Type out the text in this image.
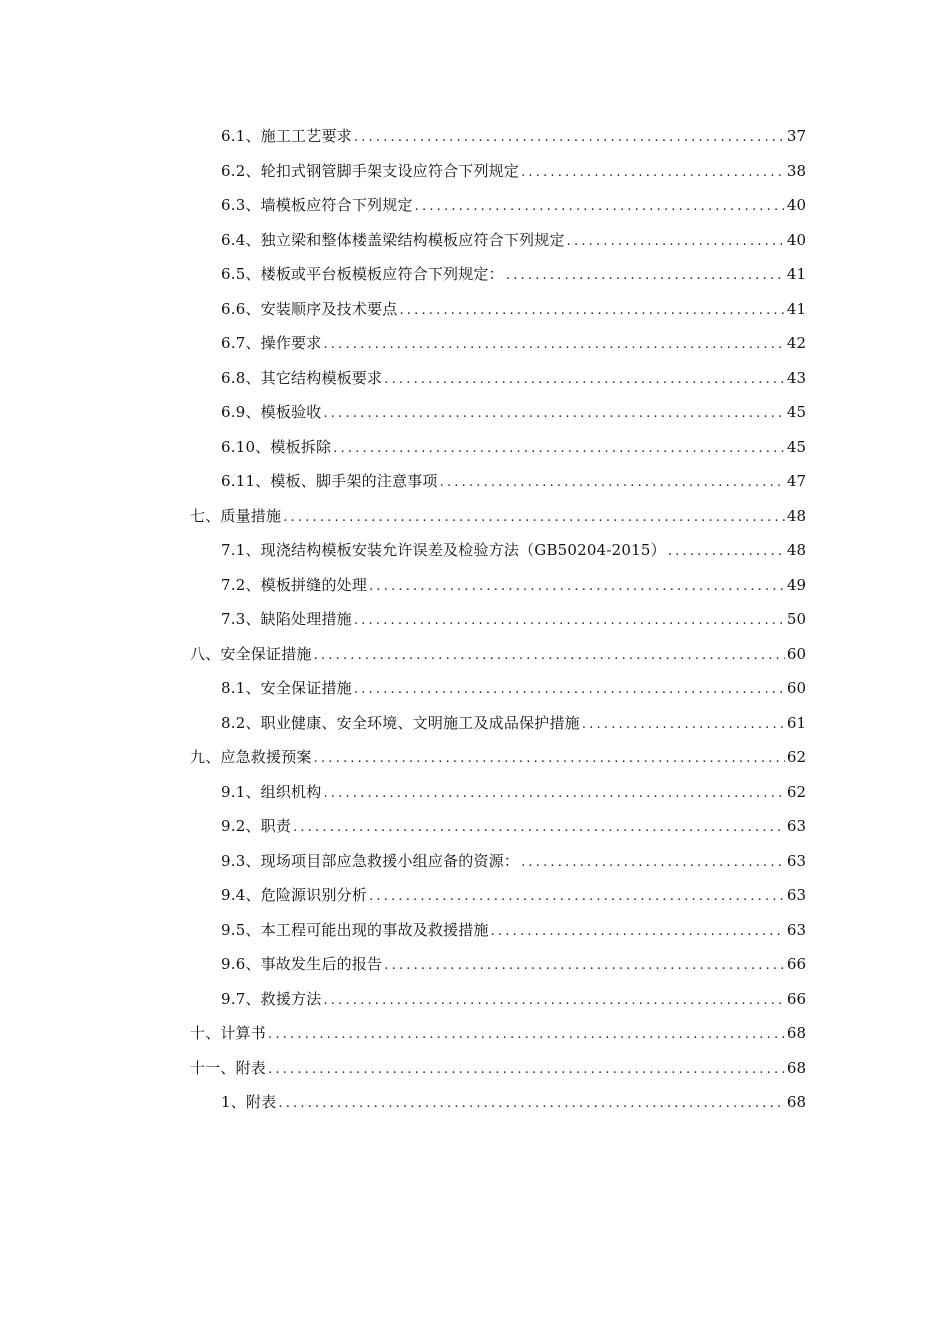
6.1、施工工艺要求 .....	37
6.2、轮扣式钢管脚手架支设应符合下列规定 .....	38
6.3、墙模板应符合下列规定 .....	40
6.4、独立梁和整体楼盖梁结构模板应符合下列规定 .....	40
6.5、楼板或平台板模板应符合下列规定： .....	41
6.6、安装顺序及技术要点 .....	41
6.7、操作要求 .....	42
6.8、其它结构模板要求 .....	43
6.9、模板验收 .....	45
6.10、模板拆除 .....	45
6.11、模板、脚手架的注意事项 .....	47
七、质量措施 .....	48
7.1、现浇结构模板安装允许误差及检验方法（GB50204-2015） .....	48
7.2、模板拼缝的处理 .....	49
7.3、缺陷处理措施 .....	50
八、安全保证措施 .....	60
8.1、安全保证措施 .....	60
8.2、职业健康、安全环境、文明施工及成品保护措施 .....	61
九、应急救援预案 .....	62
9.1、组织机构 .....	62
9.2、职责 .....	63
9.3、现场项目部应急救援小组应备的资源： .....	63
9.4、危险源识别分析 .....	63
9.5、本工程可能出现的事故及救援措施 .....	63
9.6、事故发生后的报告 .....	66
9.7、救援方法 .....	66
十、计算书 .....	68
十一、附表 .....	68
1、附表 .....	68
